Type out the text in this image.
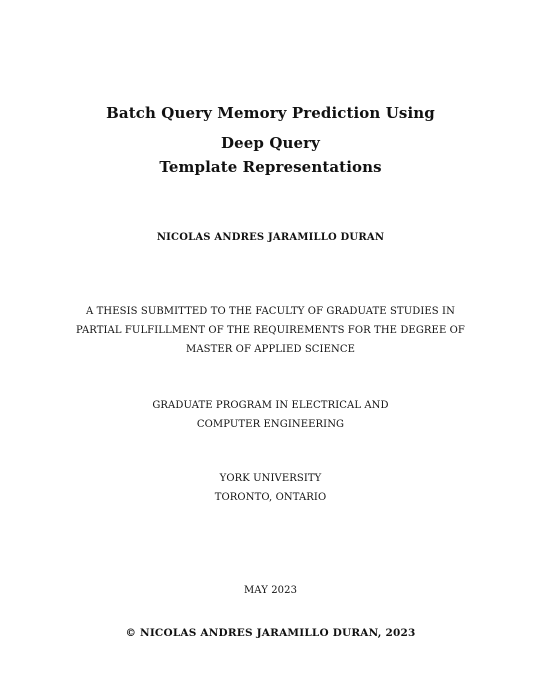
Batch Query Memory Prediction Using
Deep Query
Template Representations
NICOLAS ANDRES JARAMILLO DURAN
A THESIS SUBMITTED TO THE FACULTY OF GRADUATE STUDIES IN
PARTIAL FULFILLMENT OF THE REQUIREMENTS FOR THE DEGREE OF
MASTER OF APPLIED SCIENCE
GRADUATE PROGRAM IN ELECTRICAL AND
COMPUTER ENGINEERING
YORK UNIVERSITY
TORONTO, ONTARIO
MAY 2023
© NICOLAS ANDRES JARAMILLO DURAN, 2023
